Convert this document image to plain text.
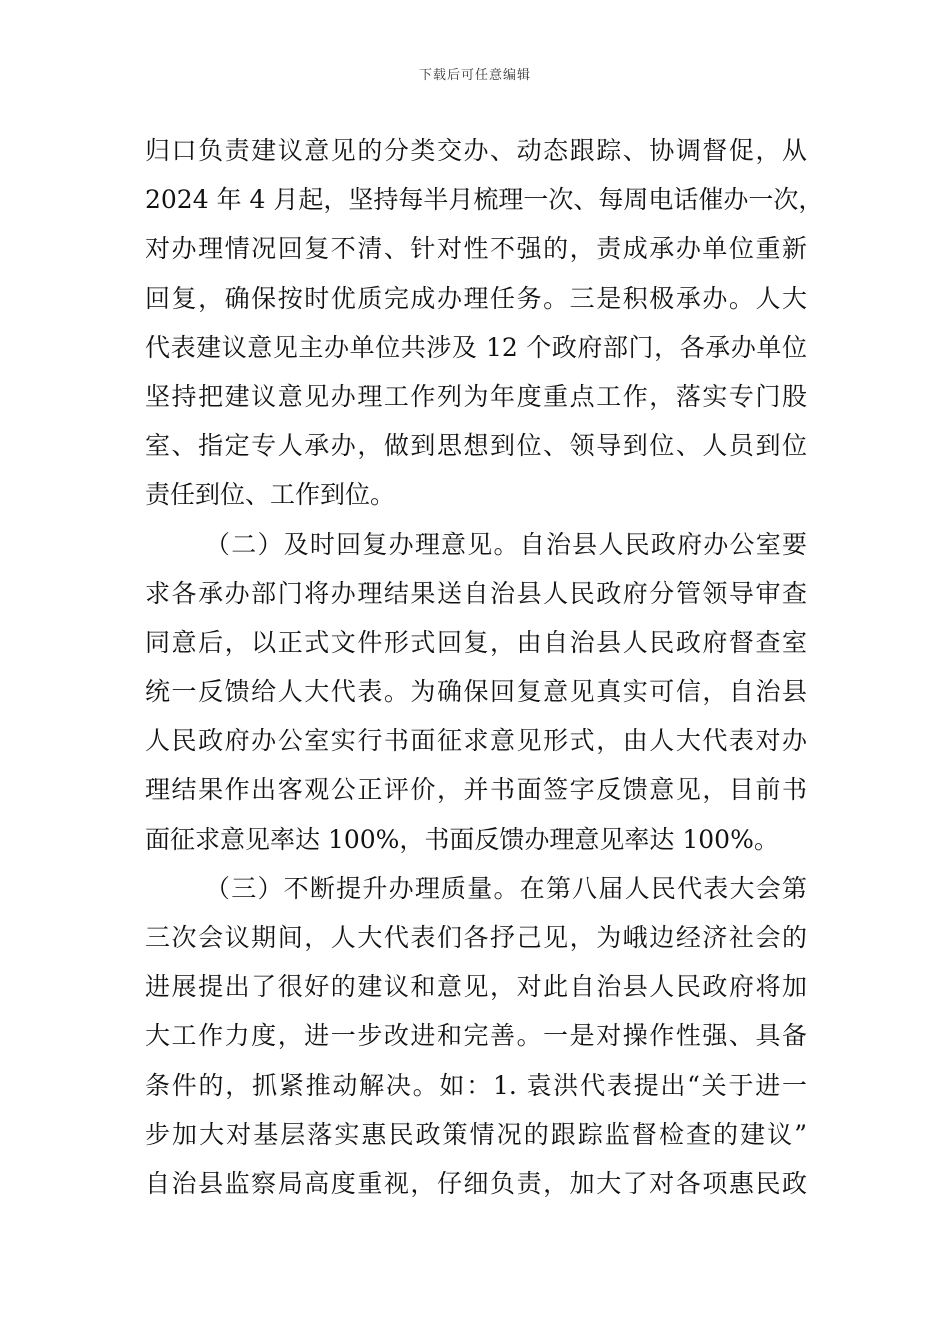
下载后可任意编辑
归口负责建议意见的分类交办、动态跟踪、协调督促，从
2024 年 4 月起，坚持每半月梳理一次、每周电话催办一次，
对办理情况回复不清、针对性不强的，责成承办单位重新
回复，确保按时优质完成办理任务。三是积极承办。人大
代表建议意见主办单位共涉及 12 个政府部门，各承办单位
坚持把建议意见办理工作列为年度重点工作，落实专门股
室、指定专人承办，做到思想到位、领导到位、人员到位
责任到位、工作到位。
（二）及时回复办理意见。自治县人民政府办公室要
求各承办部门将办理结果送自治县人民政府分管领导审查
同意后，以正式文件形式回复，由自治县人民政府督查室
统一反馈给人大代表。为确保回复意见真实可信，自治县
人民政府办公室实行书面征求意见形式，由人大代表对办
理结果作出客观公正评价，并书面签字反馈意见，目前书
面征求意见率达 100%，书面反馈办理意见率达 100%。
（三）不断提升办理质量。在第八届人民代表大会第
三次会议期间，人大代表们各抒己见，为峨边经济社会的
进展提出了很好的建议和意见，对此自治县人民政府将加
大工作力度，进一步改进和完善。一是对操作性强、具备
条件的，抓紧推动解决。如：1. 袁洪代表提出“关于进一
步加大对基层落实惠民政策情况的跟踪监督检查的建议”
自治县监察局高度重视，仔细负责，加大了对各项惠民政
